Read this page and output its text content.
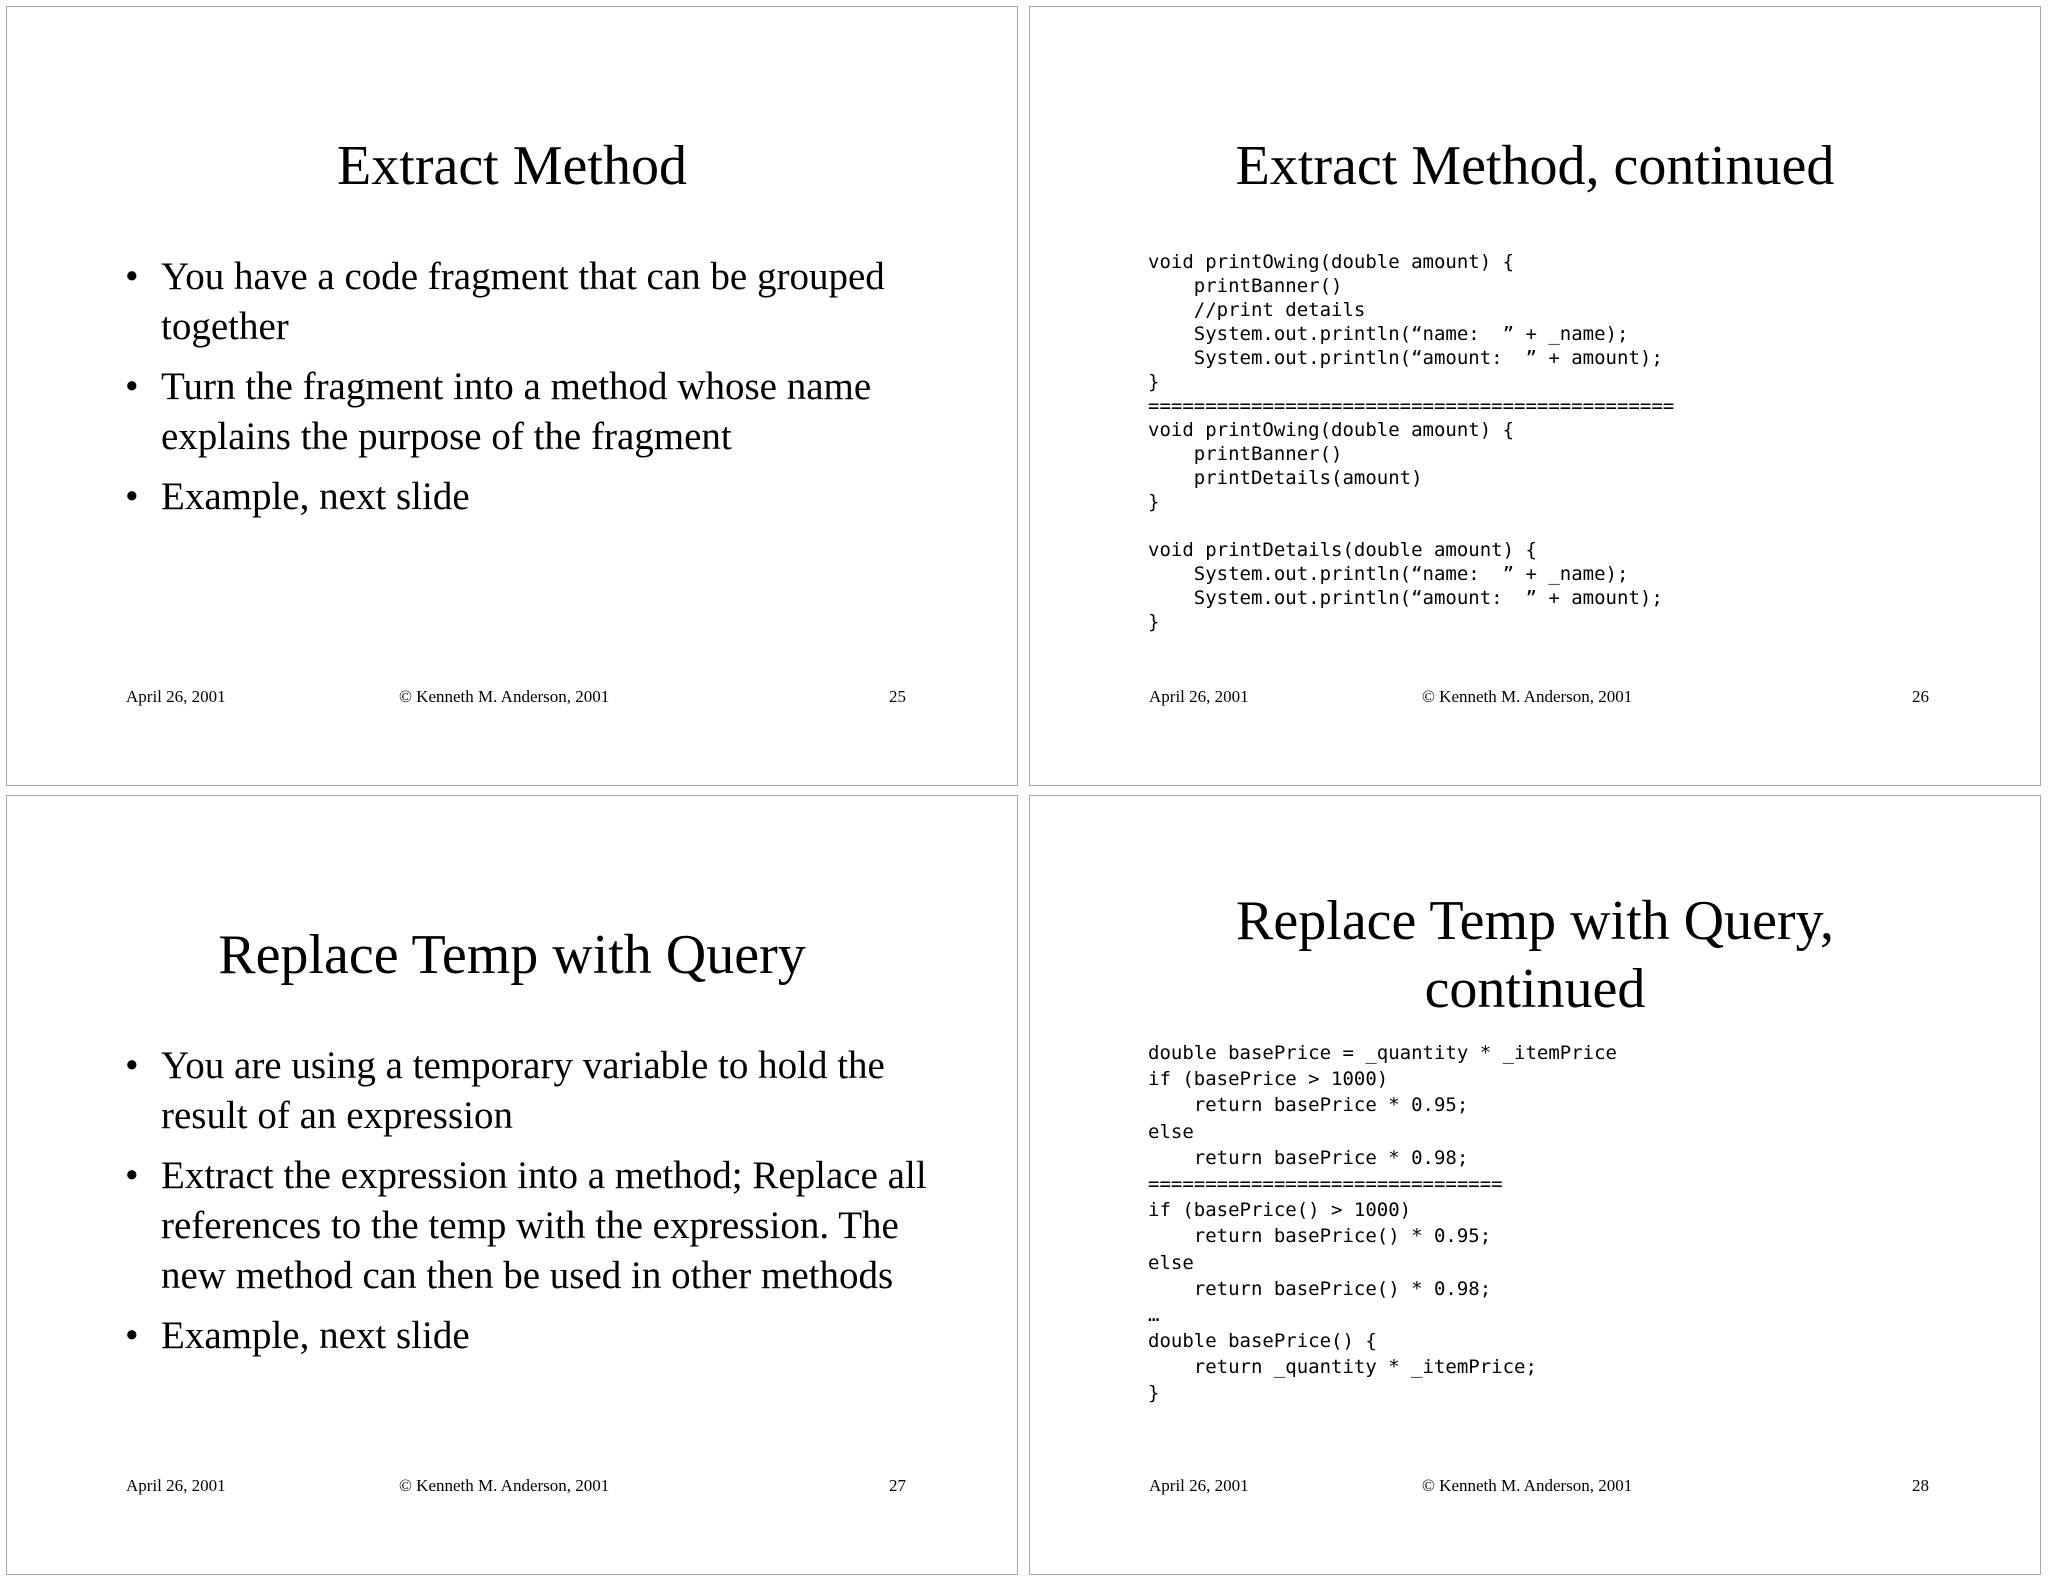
Extract Method
• You have a code fragment that can be grouped together
• Turn the fragment into a method whose name explains the purpose of the fragment
• Example, next slide
April 26, 2001	© Kenneth M. Anderson, 2001	25
Extract Method, continued
void printOwing(double amount) {
printBanner()
//print details
System.out.println(“name:  ” + _name);
System.out.println(“amount:  ” + amount);
}
==============================================
void printOwing(double amount) {
printBanner()
printDetails(amount)
}
void printDetails(double amount) {
System.out.println(“name:  ” + _name);
System.out.println(“amount:  ” + amount);
}
April 26, 2001	© Kenneth M. Anderson, 2001	26
Replace Temp with Query
• You are using a temporary variable to hold the result of an expression
• Extract the expression into a method; Replace all references to the temp with the expression. The new method can then be used in other methods
• Example, next slide
April 26, 2001	© Kenneth M. Anderson, 2001	27
Replace Temp with Query,
continued
double basePrice = _quantity * _itemPrice
if (basePrice > 1000)
return basePrice * 0.95;
else
return basePrice * 0.98;
===============================
if (basePrice() > 1000)
return basePrice() * 0.95;
else
return basePrice() * 0.98;
…
double basePrice() {
return _quantity * _itemPrice;
}
April 26, 2001	© Kenneth M. Anderson, 2001	28
